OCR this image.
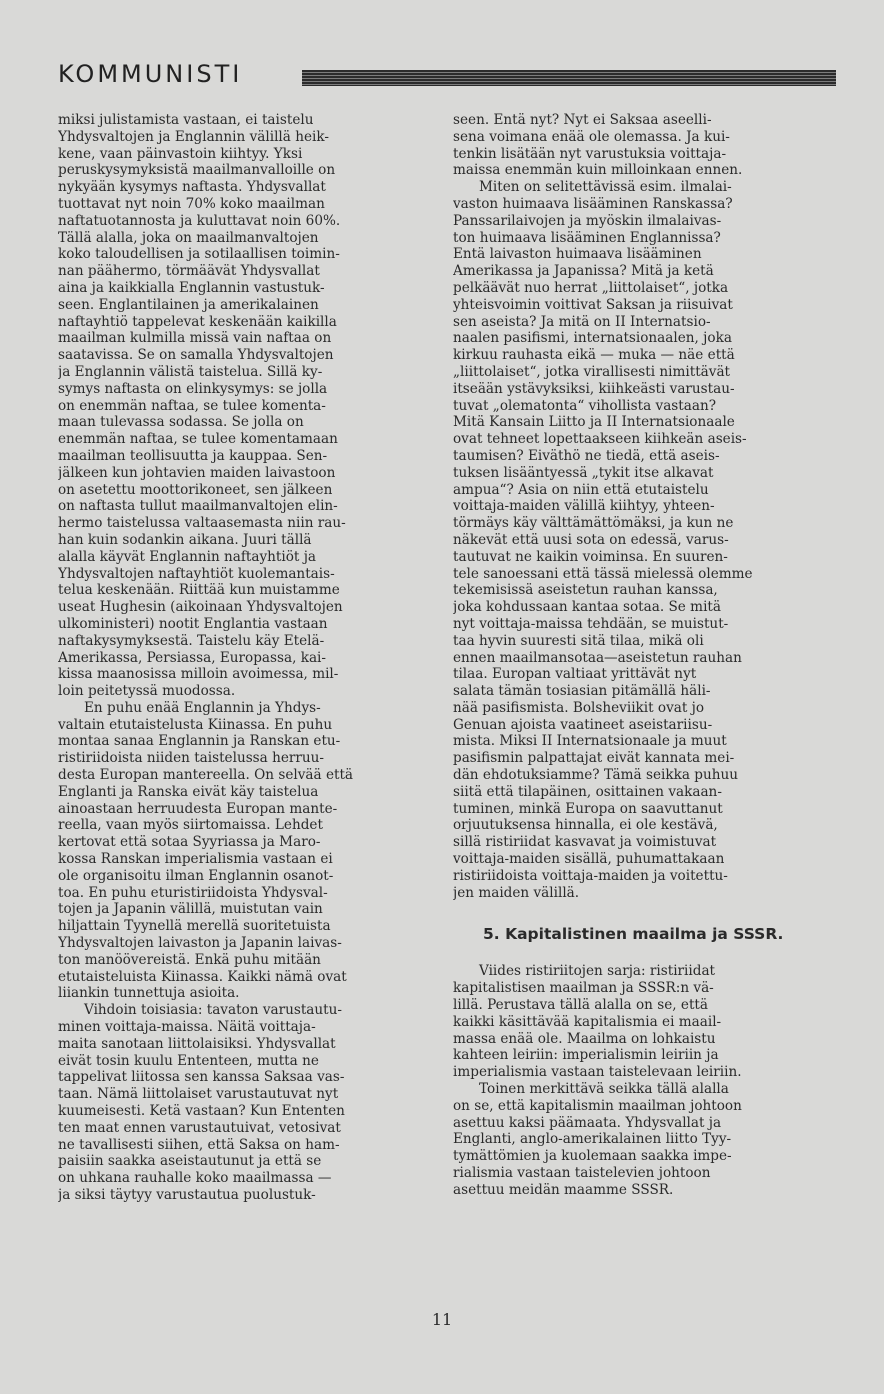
KOMMUNISTI
miksi julistamista vastaan, ei taistelu
Yhdysvaltojen ja Englannin välillä heik-
kene, vaan päinvastoin kiihtyy. Yksi
peruskysymyksistä maailmanvalloille on
nykyään kysymys naftasta. Yhdysvallat
tuottavat nyt noin 70% koko maailman
naftatuotannosta ja kuluttavat noin 60%.
Tällä alalla, joka on maailmanvaltojen
koko taloudellisen ja sotilaallisen toimin-
nan päähermo, törmäävät Yhdysvallat
aina ja kaikkialla Englannin vastustuk-
seen. Englantilainen ja amerikalainen
naftayhtiö tappelevat keskenään kaikilla
maailman kulmilla missä vain naftaa on
saatavissa. Se on samalla Yhdysvaltojen
ja Englannin välistä taistelua. Sillä ky-
symys naftasta on elinkysymys: se jolla
on enemmän naftaa, se tulee komenta-
maan tulevassa sodassa. Se jolla on
enemmän naftaa, se tulee komentamaan
maailman teollisuutta ja kauppaa. Sen-
jälkeen kun johtavien maiden laivastoon
on asetettu moottorikoneet, sen jälkeen
on naftasta tullut maailmanvaltojen elin-
hermo taistelussa valtaasemasta niin rau-
han kuin sodankin aikana. Juuri tällä
alalla käyvät Englannin naftayhtiöt ja
Yhdysvaltojen naftayhtiöt kuolemantais-
telua keskenään. Riittää kun muistamme
useat Hughesin (aikoinaan Yhdysvaltojen
ulkoministeri) nootit Englantia vastaan
naftakysymyksestä. Taistelu käy Etelä-
Amerikassa, Persiassa, Europassa, kai-
kissa maanosissa milloin avoimessa, mil-
loin peitetyssä muodossa.
En puhu enää Englannin ja Yhdys-
valtain etutaistelusta Kiinassa. En puhu
montaa sanaa Englannin ja Ranskan etu-
ristiriidoista niiden taistelussa herruu-
desta Europan mantereella. On selvää että
Englanti ja Ranska eivät käy taistelua
ainoastaan herruudesta Europan mante-
reella, vaan myös siirtomaissa. Lehdet
kertovat että sotaa Syyriassa ja Maro-
kossa Ranskan imperialismia vastaan ei
ole organisoitu ilman Englannin osanot-
toa. En puhu eturistiriidoista Yhdysval-
tojen ja Japanin välillä, muistutan vain
hiljattain Tyynellä merellä suoritetuista
Yhdysvaltojen laivaston ja Japanin laivas-
ton manöövereistä. Enkä puhu mitään
etutaisteluista Kiinassa. Kaikki nämä ovat
liiankin tunnettuja asioita.
Vihdoin toisiasia: tavaton varustautu-
minen voittaja-maissa. Näitä voittaja-
maita sanotaan liittolaisiksi. Yhdysvallat
eivät tosin kuulu Ententeen, mutta ne
tappelivat liitossa sen kanssa Saksaa vas-
taan. Nämä liittolaiset varustautuvat nyt
kuumeisesti. Ketä vastaan? Kun Ententen
ten maat ennen varustautuivat, vetosivat
ne tavallisesti siihen, että Saksa on ham-
paisiin saakka aseistautunut ja että se
on uhkana rauhalle koko maailmassa —
ja siksi täytyy varustautua puolustuk-
seen. Entä nyt? Nyt ei Saksaa aseelli-
sena voimana enää ole olemassa. Ja kui-
tenkin lisätään nyt varustuksia voittaja-
maissa enemmän kuin milloinkaan ennen.
Miten on selitettävissä esim. ilmalai-
vaston huimaava lisääminen Ranskassa?
Panssarilaivojen ja myöskin ilmalaivas-
ton huimaava lisääminen Englannissa?
Entä laivaston huimaava lisääminen
Amerikassa ja Japanissa? Mitä ja ketä
pelkäävät nuo herrat „liittolaiset“, jotka
yhteisvoimin voittivat Saksan ja riisuivat
sen aseista? Ja mitä on II Internatsio-
naalen pasifismi, internatsionaalen, joka
kirkuu rauhasta eikä — muka — näe että
„liittolaiset“, jotka virallisesti nimittävät
itseään ystävyksiksi, kiihkeästi varustau-
tuvat „olematonta“ vihollista vastaan?
Mitä Kansain Liitto ja II Internatsionaale
ovat tehneet lopettaakseen kiihkeän aseis-
taumisen? Eiväthö ne tiedä, että aseis-
tuksen lisääntyessä „tykit itse alkavat
ampua“? Asia on niin että etutaistelu
voittaja-maiden välillä kiihtyy, yhteen-
törmäys käy välttämättömäksi, ja kun ne
näkevät että uusi sota on edessä, varus-
tautuvat ne kaikin voiminsa. En suuren-
tele sanoessani että tässä mielessä olemme
tekemisissä aseistetun rauhan kanssa,
joka kohdussaan kantaa sotaa. Se mitä
nyt voittaja-maissa tehdään, se muistut-
taa hyvin suuresti sitä tilaa, mikä oli
ennen maailmansotaa—aseistetun rauhan
tilaa. Europan valtiaat yrittävät nyt
salata tämän tosiasian pitämällä häli-
nää pasifismista. Bolsheviikit ovat jo
Genuan ajoista vaatineet aseistariisu-
mista. Miksi II Internatsionaale ja muut
pasifismin palpattajat eivät kannata mei-
dän ehdotuksiamme? Tämä seikka puhuu
siitä että tilapäinen, osittainen vakaan-
tuminen, minkä Europa on saavuttanut
orjuutuksensa hinnalla, ei ole kestävä,
sillä ristiriidat kasvavat ja voimistuvat
voittaja-maiden sisällä, puhumattakaan
ristiriidoista voittaja-maiden ja voitettu-
jen maiden välillä.
5. Kapitalistinen maailma ja SSSR.
Viides ristiriitojen sarja: ristiriidat
kapitalistisen maailman ja SSSR:n vä-
lillä. Perustava tällä alalla on se, että
kaikki käsittävää kapitalismia ei maail-
massa enää ole. Maailma on lohkaistu
kahteen leiriin: imperialismin leiriin ja
imperialismia vastaan taistelevaan leiriin.
Toinen merkittävä seikka tällä alalla
on se, että kapitalismin maailman johtoon
asettuu kaksi päämaata. Yhdysvallat ja
Englanti, anglo-amerikalainen liitto Tyy-
tymättömien ja kuolemaan saakka impe-
rialismia vastaan taistelevien johtoon
asettuu meidän maamme SSSR.
11
